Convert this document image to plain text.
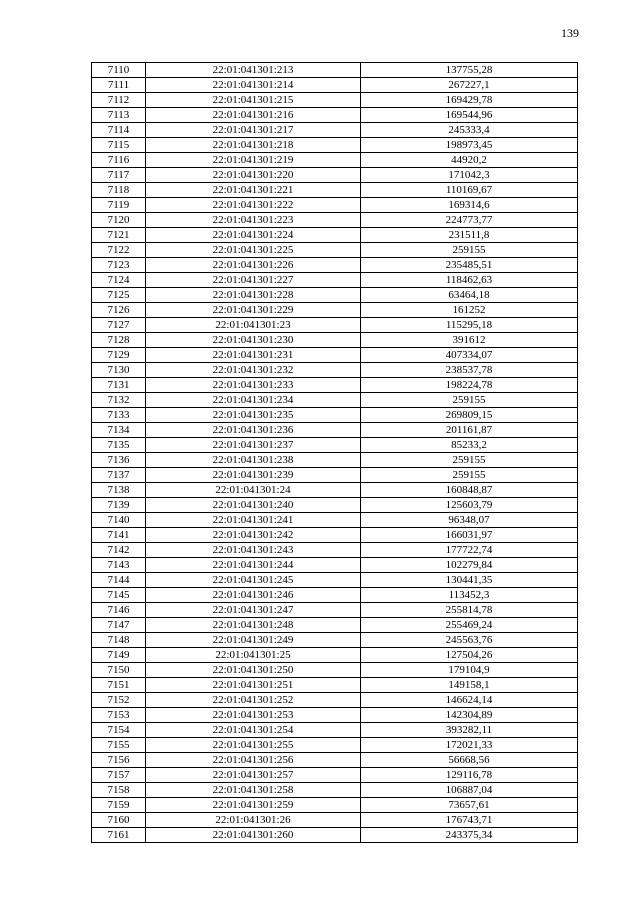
139
7110	22:01:041301:213	137755,28
7111	22:01:041301:214	267227,1
7112	22:01:041301:215	169429,78
7113	22:01:041301:216	169544,96
7114	22:01:041301:217	245333,4
7115	22:01:041301:218	198973,45
7116	22:01:041301:219	44920,2
7117	22:01:041301:220	171042,3
7118	22:01:041301:221	110169,67
7119	22:01:041301:222	169314,6
7120	22:01:041301:223	224773,77
7121	22:01:041301:224	231511,8
7122	22:01:041301:225	259155
7123	22:01:041301:226	235485,51
7124	22:01:041301:227	118462,63
7125	22:01:041301:228	63464,18
7126	22:01:041301:229	161252
7127	22:01:041301:23	115295,18
7128	22:01:041301:230	391612
7129	22:01:041301:231	407334,07
7130	22:01:041301:232	238537,78
7131	22:01:041301:233	198224,78
7132	22:01:041301:234	259155
7133	22:01:041301:235	269809,15
7134	22:01:041301:236	201161,87
7135	22:01:041301:237	85233,2
7136	22:01:041301:238	259155
7137	22:01:041301:239	259155
7138	22:01:041301:24	160848,87
7139	22:01:041301:240	125603,79
7140	22:01:041301:241	96348,07
7141	22:01:041301:242	166031,97
7142	22:01:041301:243	177722,74
7143	22:01:041301:244	102279,84
7144	22:01:041301:245	130441,35
7145	22:01:041301:246	113452,3
7146	22:01:041301:247	255814,78
7147	22:01:041301:248	255469,24
7148	22:01:041301:249	245563,76
7149	22:01:041301:25	127504,26
7150	22:01:041301:250	179104,9
7151	22:01:041301:251	149158,1
7152	22:01:041301:252	146624,14
7153	22:01:041301:253	142304,89
7154	22:01:041301:254	393282,11
7155	22:01:041301:255	172021,33
7156	22:01:041301:256	56668,56
7157	22:01:041301:257	129116,78
7158	22:01:041301:258	106887,04
7159	22:01:041301:259	73657,61
7160	22:01:041301:26	176743,71
7161	22:01:041301:260	243375,34
